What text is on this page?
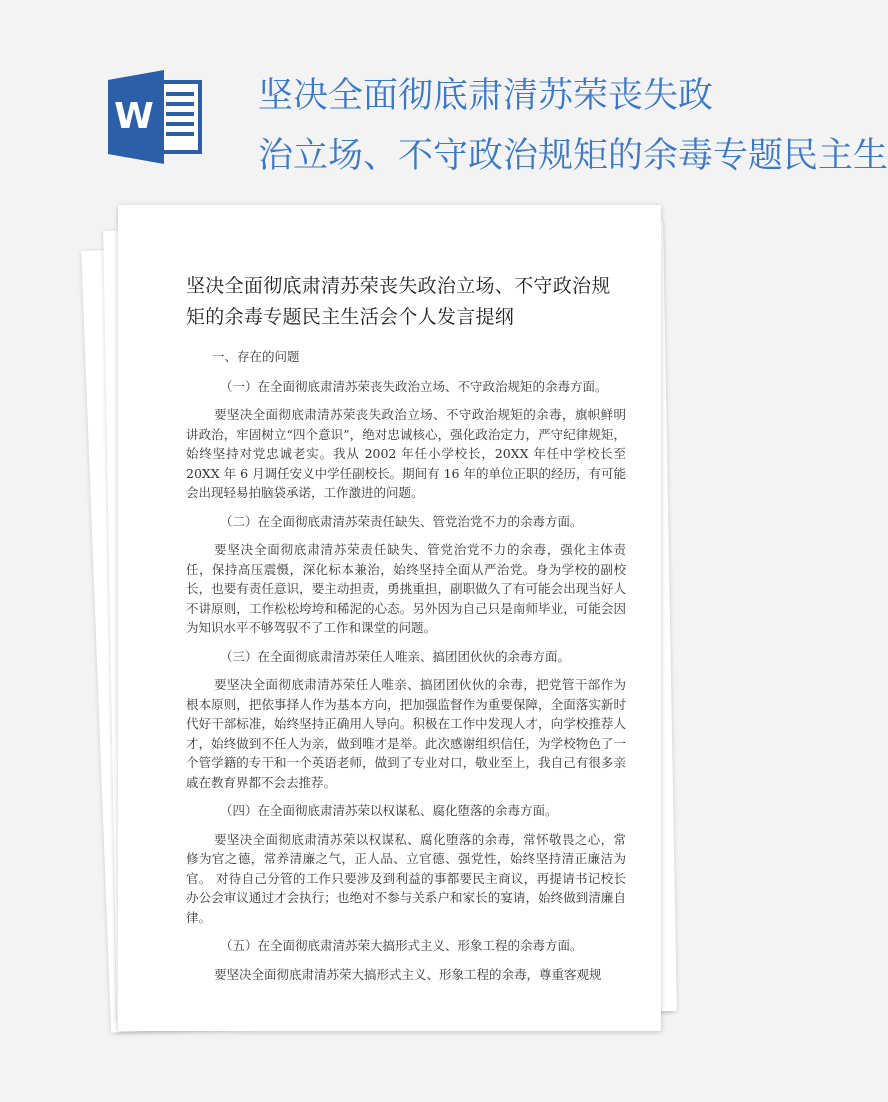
W	坚决全面彻底肃清苏荣丧失政
治立场、不守政治规矩的余毒专题民主生
坚决全面彻底肃清苏荣丧失政治立场、不守政治规
矩的余毒专题民主生活会个人发言提纲
一、存在的问题
（一）在全面彻底肃清苏荣丧失政治立场、不守政治规矩的余毒方面。
要坚决全面彻底肃清苏荣丧失政治立场、不守政治规矩的余毒，旗帜鲜明讲政治，牢固树立“四个意识”，绝对忠诚核心，强化政治定力，严守纪律规矩，始终坚持对党忠诚老实。我从 2002 年任小学校长，20XX 年任中学校长至 20XX 年 6 月调任安义中学任副校长。期间有 16 年的单位正职的经历，有可能会出现轻易拍脑袋承诺，工作激进的问题。
（二）在全面彻底肃清苏荣责任缺失、管党治党不力的余毒方面。
要坚决全面彻底肃清苏荣责任缺失、管党治党不力的余毒，强化主体责任，保持高压震慑，深化标本兼治，始终坚持全面从严治党。身为学校的副校长，也要有责任意识，要主动担责，勇挑重担，副职做久了有可能会出现当好人不讲原则，工作松松垮垮和稀泥的心态。另外因为自己只是南师毕业，可能会因为知识水平不够驾驭不了工作和课堂的问题。
（三）在全面彻底肃清苏荣任人唯亲、搞团团伙伙的余毒方面。
要坚决全面彻底肃清苏荣任人唯亲、搞团团伙伙的余毒，把党管干部作为根本原则，把依事择人作为基本方向，把加强监督作为重要保障，全面落实新时代好干部标准，始终坚持正确用人导向。积极在工作中发现人才，向学校推荐人才，始终做到不任人为亲，做到唯才是举。此次感谢组织信任，为学校物色了一个管学籍的专干和一个英语老师，做到了专业对口，敬业至上，我自己有很多亲戚在教育界都不会去推荐。
（四）在全面彻底肃清苏荣以权谋私、腐化堕落的余毒方面。
要坚决全面彻底肃清苏荣以权谋私、腐化堕落的余毒，常怀敬畏之心，常修为官之德，常养清廉之气，正人品、立官德、强党性，始终坚持清正廉洁为官。 对待自己分管的工作只要涉及到利益的事都要民主商议，再提请书记校长办公会审议通过才会执行；也绝对不参与关系户和家长的宴请，始终做到清廉自律。
（五）在全面彻底肃清苏荣大搞形式主义、形象工程的余毒方面。
要坚决全面彻底肃清苏荣大搞形式主义、形象工程的余毒，尊重客观规
